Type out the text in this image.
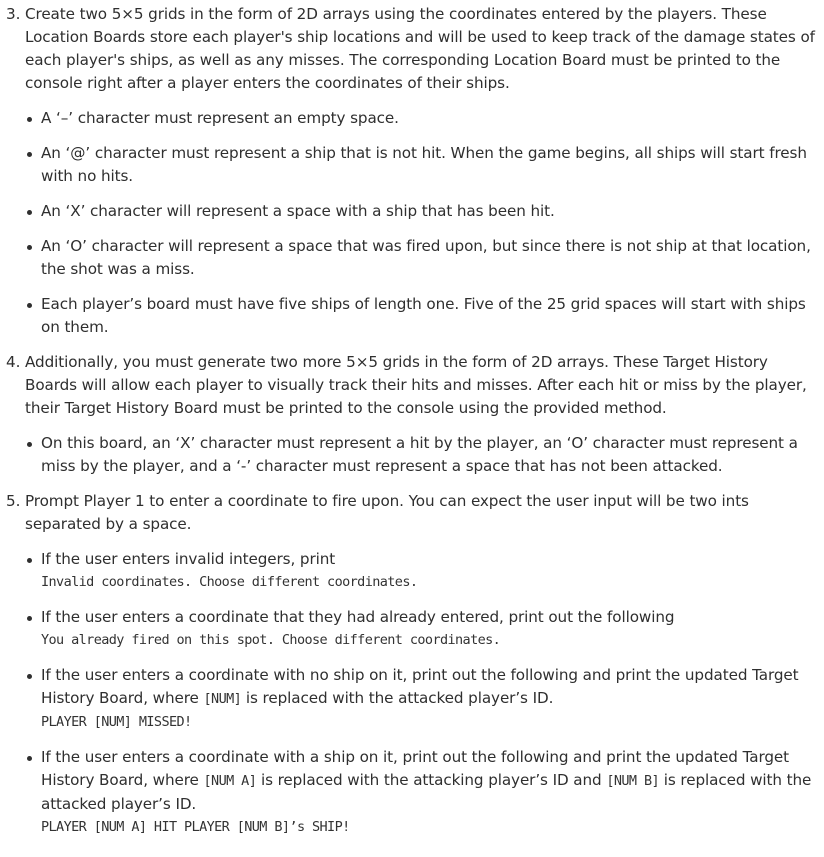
3. Create two 5×5 grids in the form of 2D arrays using the coordinates entered by the players. These Location Boards store each player's ship locations and will be used to keep track of the damage states of each player's ships, as well as any misses. The corresponding Location Board must be printed to the console right after a player enters the coordinates of their ships.
A ‘–’ character must represent an empty space.
An ‘@’ character must represent a ship that is not hit. When the game begins, all ships will start fresh with no hits.
An ‘X’ character will represent a space with a ship that has been hit.
An ‘O’ character will represent a space that was fired upon, but since there is not ship at that location, the shot was a miss.
Each player’s board must have five ships of length one. Five of the 25 grid spaces will start with ships on them.
4. Additionally, you must generate two more 5×5 grids in the form of 2D arrays. These Target History Boards will allow each player to visually track their hits and misses. After each hit or miss by the player, their Target History Board must be printed to the console using the provided method.
On this board, an ‘X’ character must represent a hit by the player, an ‘O’ character must represent a miss by the player, and a ‘-’ character must represent a space that has not been attacked.
5. Prompt Player 1 to enter a coordinate to fire upon. You can expect the user input will be two ints separated by a space.
If the user enters invalid integers, print
Invalid coordinates. Choose different coordinates.
If the user enters a coordinate that they had already entered, print out the following
You already fired on this spot. Choose different coordinates.
If the user enters a coordinate with no ship on it, print out the following and print the updated Target History Board, where [NUM] is replaced with the attacked player’s ID.
PLAYER [NUM] MISSED!
If the user enters a coordinate with a ship on it, print out the following and print the updated Target History Board, where [NUM A] is replaced with the attacking player’s ID and [NUM B] is replaced with the attacked player’s ID.
PLAYER [NUM A] HIT PLAYER [NUM B]’s SHIP!
